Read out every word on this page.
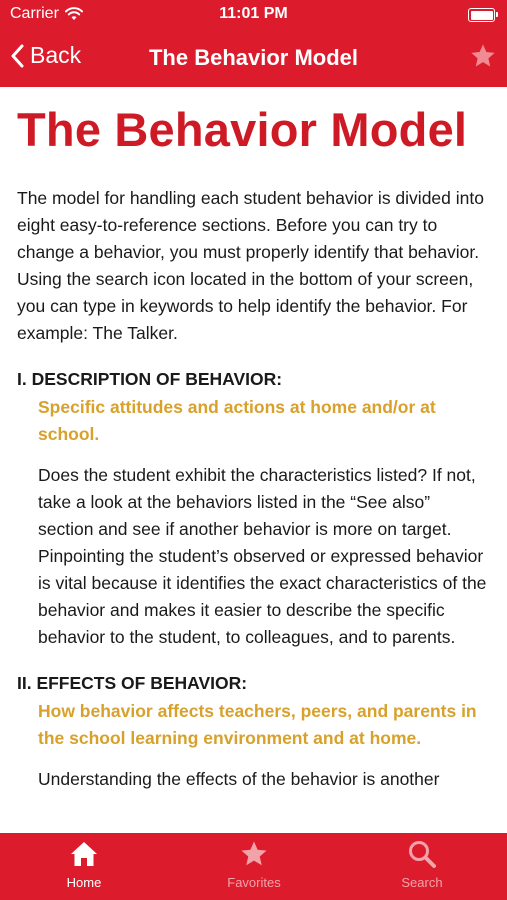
Carrier	11:01 PM
Back	The Behavior Model
The Behavior Model
The model for handling each student behavior is divided into eight easy-to-reference sections. Before you can try to change a behavior, you must properly identify that behavior. Using the search icon located in the bottom of your screen, you can type in keywords to help identify the behavior. For example: The Talker.
I. DESCRIPTION OF BEHAVIOR:
Specific attitudes and actions at home and/or at school.
Does the student exhibit the characteristics listed? If not, take a look at the behaviors listed in the “See also” section and see if another behavior is more on target. Pinpointing the student’s observed or expressed behavior is vital because it identifies the exact characteristics of the behavior and makes it easier to describe the specific behavior to the student, to colleagues, and to parents.
II. EFFECTS OF BEHAVIOR:
How behavior affects teachers, peers, and parents in the school learning environment and at home.
Understanding the effects of the behavior is another
Home	Favorites	Search
